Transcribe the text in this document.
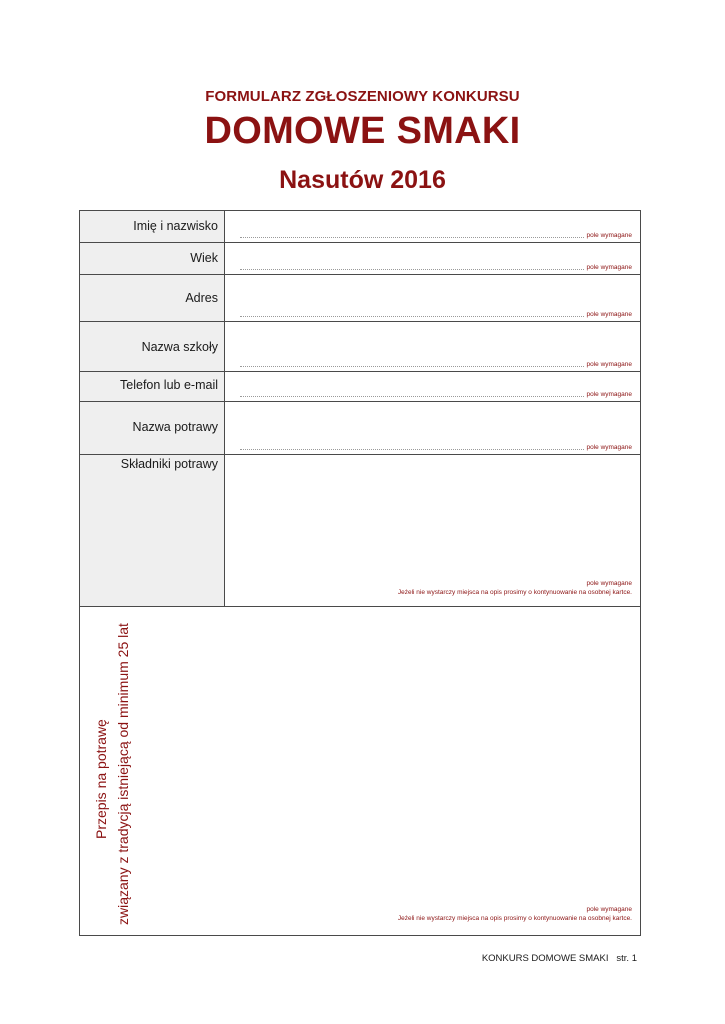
FORMULARZ ZGŁOSZENIOWY KONKURSU
DOMOWE SMAKI
Nasutów 2016
Imię i nazwisko
pole wymagane
Wiek
pole wymagane
Adres
pole wymagane
Nazwa szkoły
pole wymagane
Telefon lub e-mail
pole wymagane
Nazwa potrawy
pole wymagane
Składniki potrawy
pole wymagane
Jeżeli nie wystarczy miejsca na opis prosimy o kontynuowanie na osobnej kartce.
Przepis na potrawę związany z tradycją istniejącą od minimum 25 lat	pole wymagane
Jeżeli nie wystarczy miejsca na opis prosimy o kontynuowanie na osobnej kartce.
KONKURS DOMOWE SMAKI   str. 1
